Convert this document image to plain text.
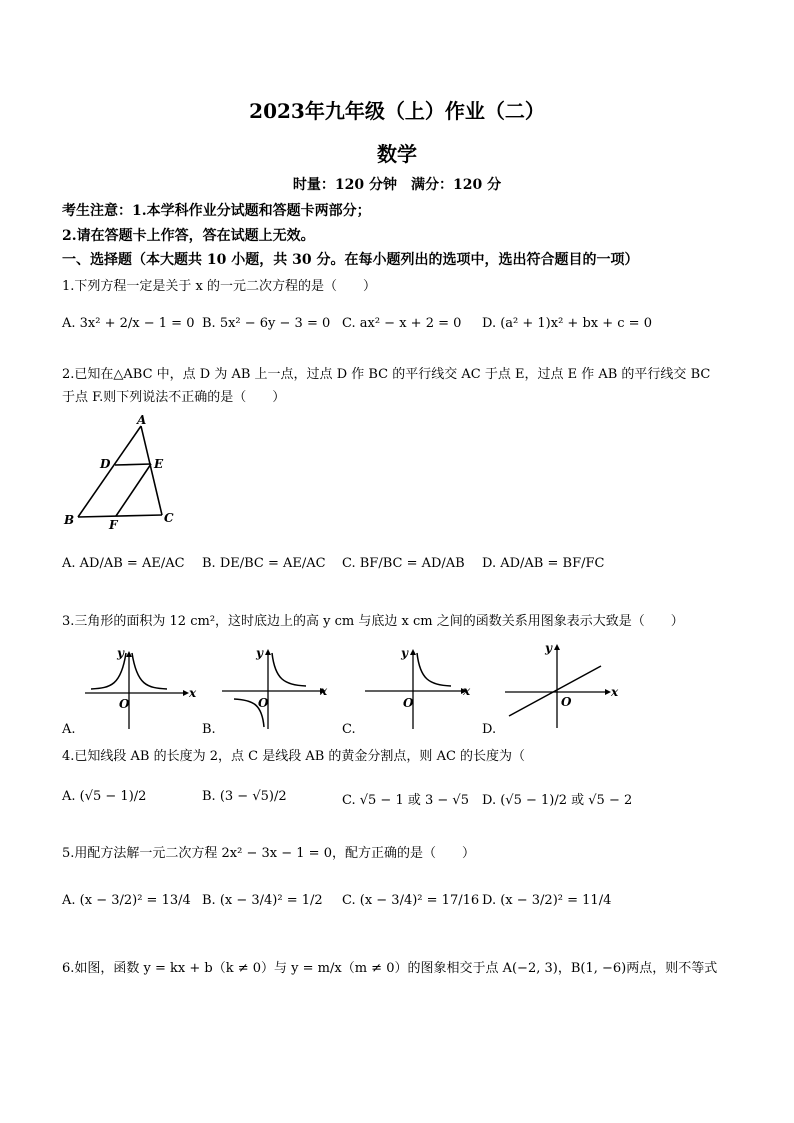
2023年九年级（上）作业（二）
数学
时量：120 分钟　满分：120 分
考生注意：1.本学科作业分试题和答题卡两部分；
2.请在答题卡上作答，答在试题上无效。
一、选择题（本大题共 10 小题，共 30 分。在每小题列出的选项中，选出符合题目的一项）
1.下列方程一定是关于 x 的一元二次方程的是（　　）
A. 3x² + 2/x − 1 = 0 B. 5x² − 6y − 3 = 0 C. ax² − x + 2 = 0 D. (a² + 1)x² + bx + c = 0
2.已知在△ABC 中，点 D 为 AB 上一点，过点 D 作 BC 的平行线交 AC 于点 E，过点 E 作 AB 的平行线交 BC
于点 F.则下列说法不正确的是（　　）
A
D	E
B	F	C
A. AD/AB = AE/AC B. DE/BC = AE/AC C. BF/BC = AD/AB D. AD/AB = BF/FC
3.三角形的面积为 12 cm²，这时底边上的高 y cm 与底边 x cm 之间的函数关系用图象表示大致是（　　）
y
x
O
y
x
O
y
x
O
y
x
O
A.	B.	C.	D.
4.已知线段 AB 的长度为 2，点 C 是线段 AB 的黄金分割点，则 AC 的长度为（
A. (√5 − 1)/2	B. (3 − √5)/2	C. √5 − 1 或 3 − √5 D. (√5 − 1)/2 或 √5 − 2
5.用配方法解一元二次方程 2x² − 3x − 1 = 0，配方正确的是（　　）
A. (x − 3/2)² = 13/4 B. (x − 3/4)² = 1/2 C. (x − 3/4)² = 17/16 D. (x − 3/2)² = 11/4
6.如图，函数 y = kx + b（k ≠ 0）与 y = m/x（m ≠ 0）的图象相交于点 A(−2, 3)，B(1, −6)两点，则不等式
